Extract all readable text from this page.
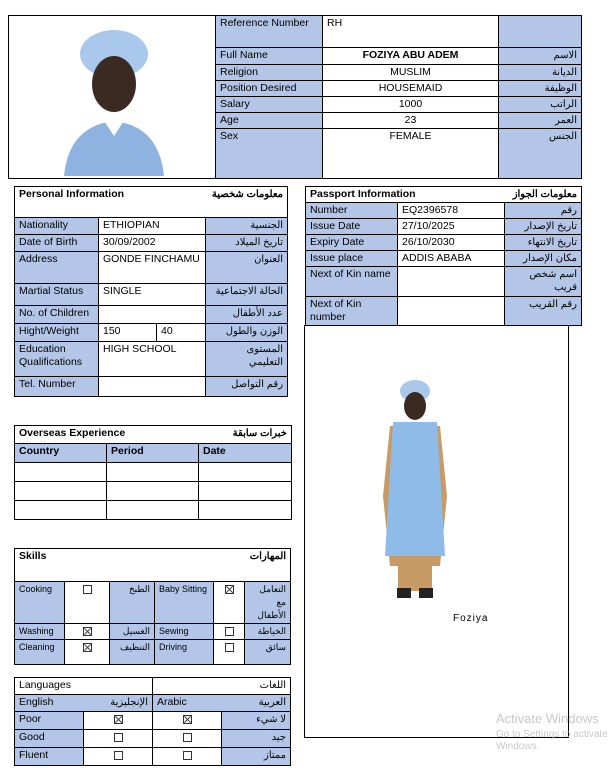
Reference Number	RH	
Full Name	FOZIYA ABU ADEM	الاسم
Religion	MUSLIM	الديانة
Position Desired	HOUSEMAID	الوظيفة
Salary	1000	الراتب
Age	23	العمر
Sex	FEMALE	الجنس
Personal Information		معلومات شخصية	
Nationality	ETHIOPIAN		الجنسية
Date of Birth	30/09/2002		تاريخ الميلاد
Address	GONDE FINCHAMU		العنوان
Martial Status	SINGLE		الحالة الاجتماعية
No. of Children			عدد الأطفال
Hight/Weight	150	40	الوزن والطول
Education Qualifications	HIGH SCHOOL		المستوى التعليمي
Tel. Number			رقم التواصل
Passport Information		معلومات الجواز
Number	EQ2396578	رقم
Issue Date	27/10/2025	تاريخ الإصدار
Expiry Date	26/10/2030	تاريخ الانتهاء
Issue place	ADDIS ABABA	مكان الإصدار
Next of Kin name		اسم شخص قريب
Next of Kin number		رقم القريب
Foziya
Overseas Experience		خبرات سابقة
Country	Period	Date

Skills			المهارات		
Cooking		الطبخ	Baby Sitting		التعامل مع الأطفال
Washing		الغسيل	Sewing		الخياطة
Cleaning		التنظيف	Driving		سائق
Languages		اللغات	
English	الإنجليزية	Arabic	العربية
Poor			لا شيء
Good			جيد
Fluent			ممتاز
Activate Windows
Go to Settings to activate Windows.
